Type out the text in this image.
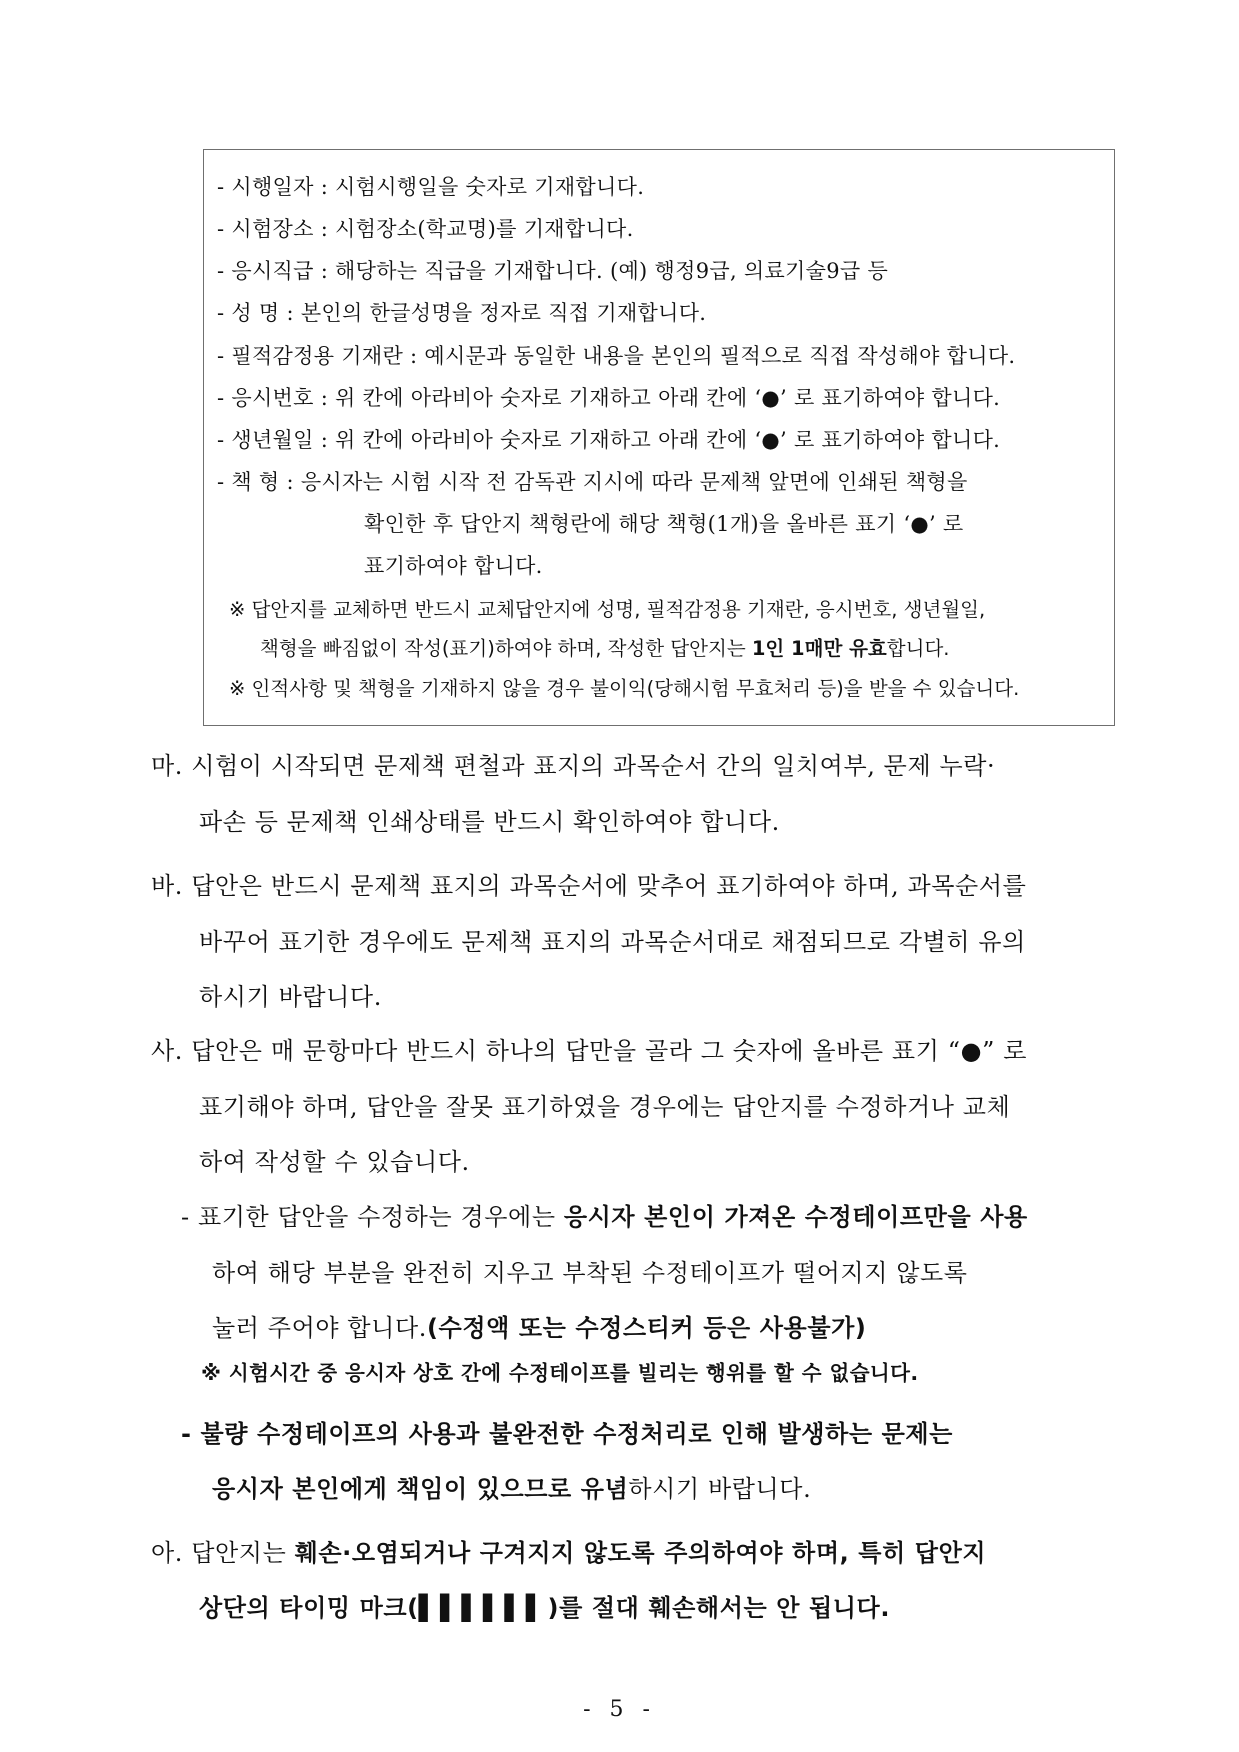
- 시행일자 : 시험시행일을 숫자로 기재합니다.
- 시험장소 : 시험장소(학교명)를 기재합니다.
- 응시직급 : 해당하는 직급을 기재합니다. (예) 행정9급, 의료기술9급 등
- 성 명 : 본인의 한글성명을 정자로 직접 기재합니다.
- 필적감정용 기재란 : 예시문과 동일한 내용을 본인의 필적으로 직접 작성해야 합니다.
- 응시번호 : 위 칸에 아라비아 숫자로 기재하고 아래 칸에 ‘●’ 로 표기하여야 합니다.
- 생년월일 : 위 칸에 아라비아 숫자로 기재하고 아래 칸에 ‘●’ 로 표기하여야 합니다.
- 책 형 : 응시자는 시험 시작 전 감독관 지시에 따라 문제책 앞면에 인쇄된 책형을
확인한 후 답안지 책형란에 해당 책형(1개)을 올바른 표기 ‘●’ 로
표기하여야 합니다.
※ 답안지를 교체하면 반드시 교체답안지에 성명, 필적감정용 기재란, 응시번호, 생년월일,
책형을 빠짐없이 작성(표기)하여야 하며, 작성한 답안지는 1인 1매만 유효합니다.
※ 인적사항 및 책형을 기재하지 않을 경우 불이익(당해시험 무효처리 등)을 받을 수 있습니다.
마. 시험이 시작되면 문제책 편철과 표지의 과목순서 간의 일치여부, 문제 누락·
파손 등 문제책 인쇄상태를 반드시 확인하여야 합니다.
바. 답안은 반드시 문제책 표지의 과목순서에 맞추어 표기하여야 하며, 과목순서를
바꾸어 표기한 경우에도 문제책 표지의 과목순서대로 채점되므로 각별히 유의
하시기 바랍니다.
사. 답안은 매 문항마다 반드시 하나의 답만을 골라 그 숫자에 올바른 표기 “●” 로
표기해야 하며, 답안을 잘못 표기하였을 경우에는 답안지를 수정하거나 교체
하여 작성할 수 있습니다.
- 표기한 답안을 수정하는 경우에는 응시자 본인이 가져온 수정테이프만을 사용
하여 해당 부분을 완전히 지우고 부착된 수정테이프가 떨어지지 않도록
눌러 주어야 합니다.(수정액 또는 수정스티커 등은 사용불가)
※ 시험시간 중 응시자 상호 간에 수정테이프를 빌리는 행위를 할 수 없습니다.
- 불량 수정테이프의 사용과 불완전한 수정처리로 인해 발생하는 문제는
응시자 본인에게 책임이 있으므로 유념하시기 바랍니다.
아. 답안지는 훼손·오염되거나 구겨지지 않도록 주의하여야 하며, 특히 답안지
상단의 타이밍 마크(▌▌▌▌▌▌)를 절대 훼손해서는 안 됩니다.
- 5 -
